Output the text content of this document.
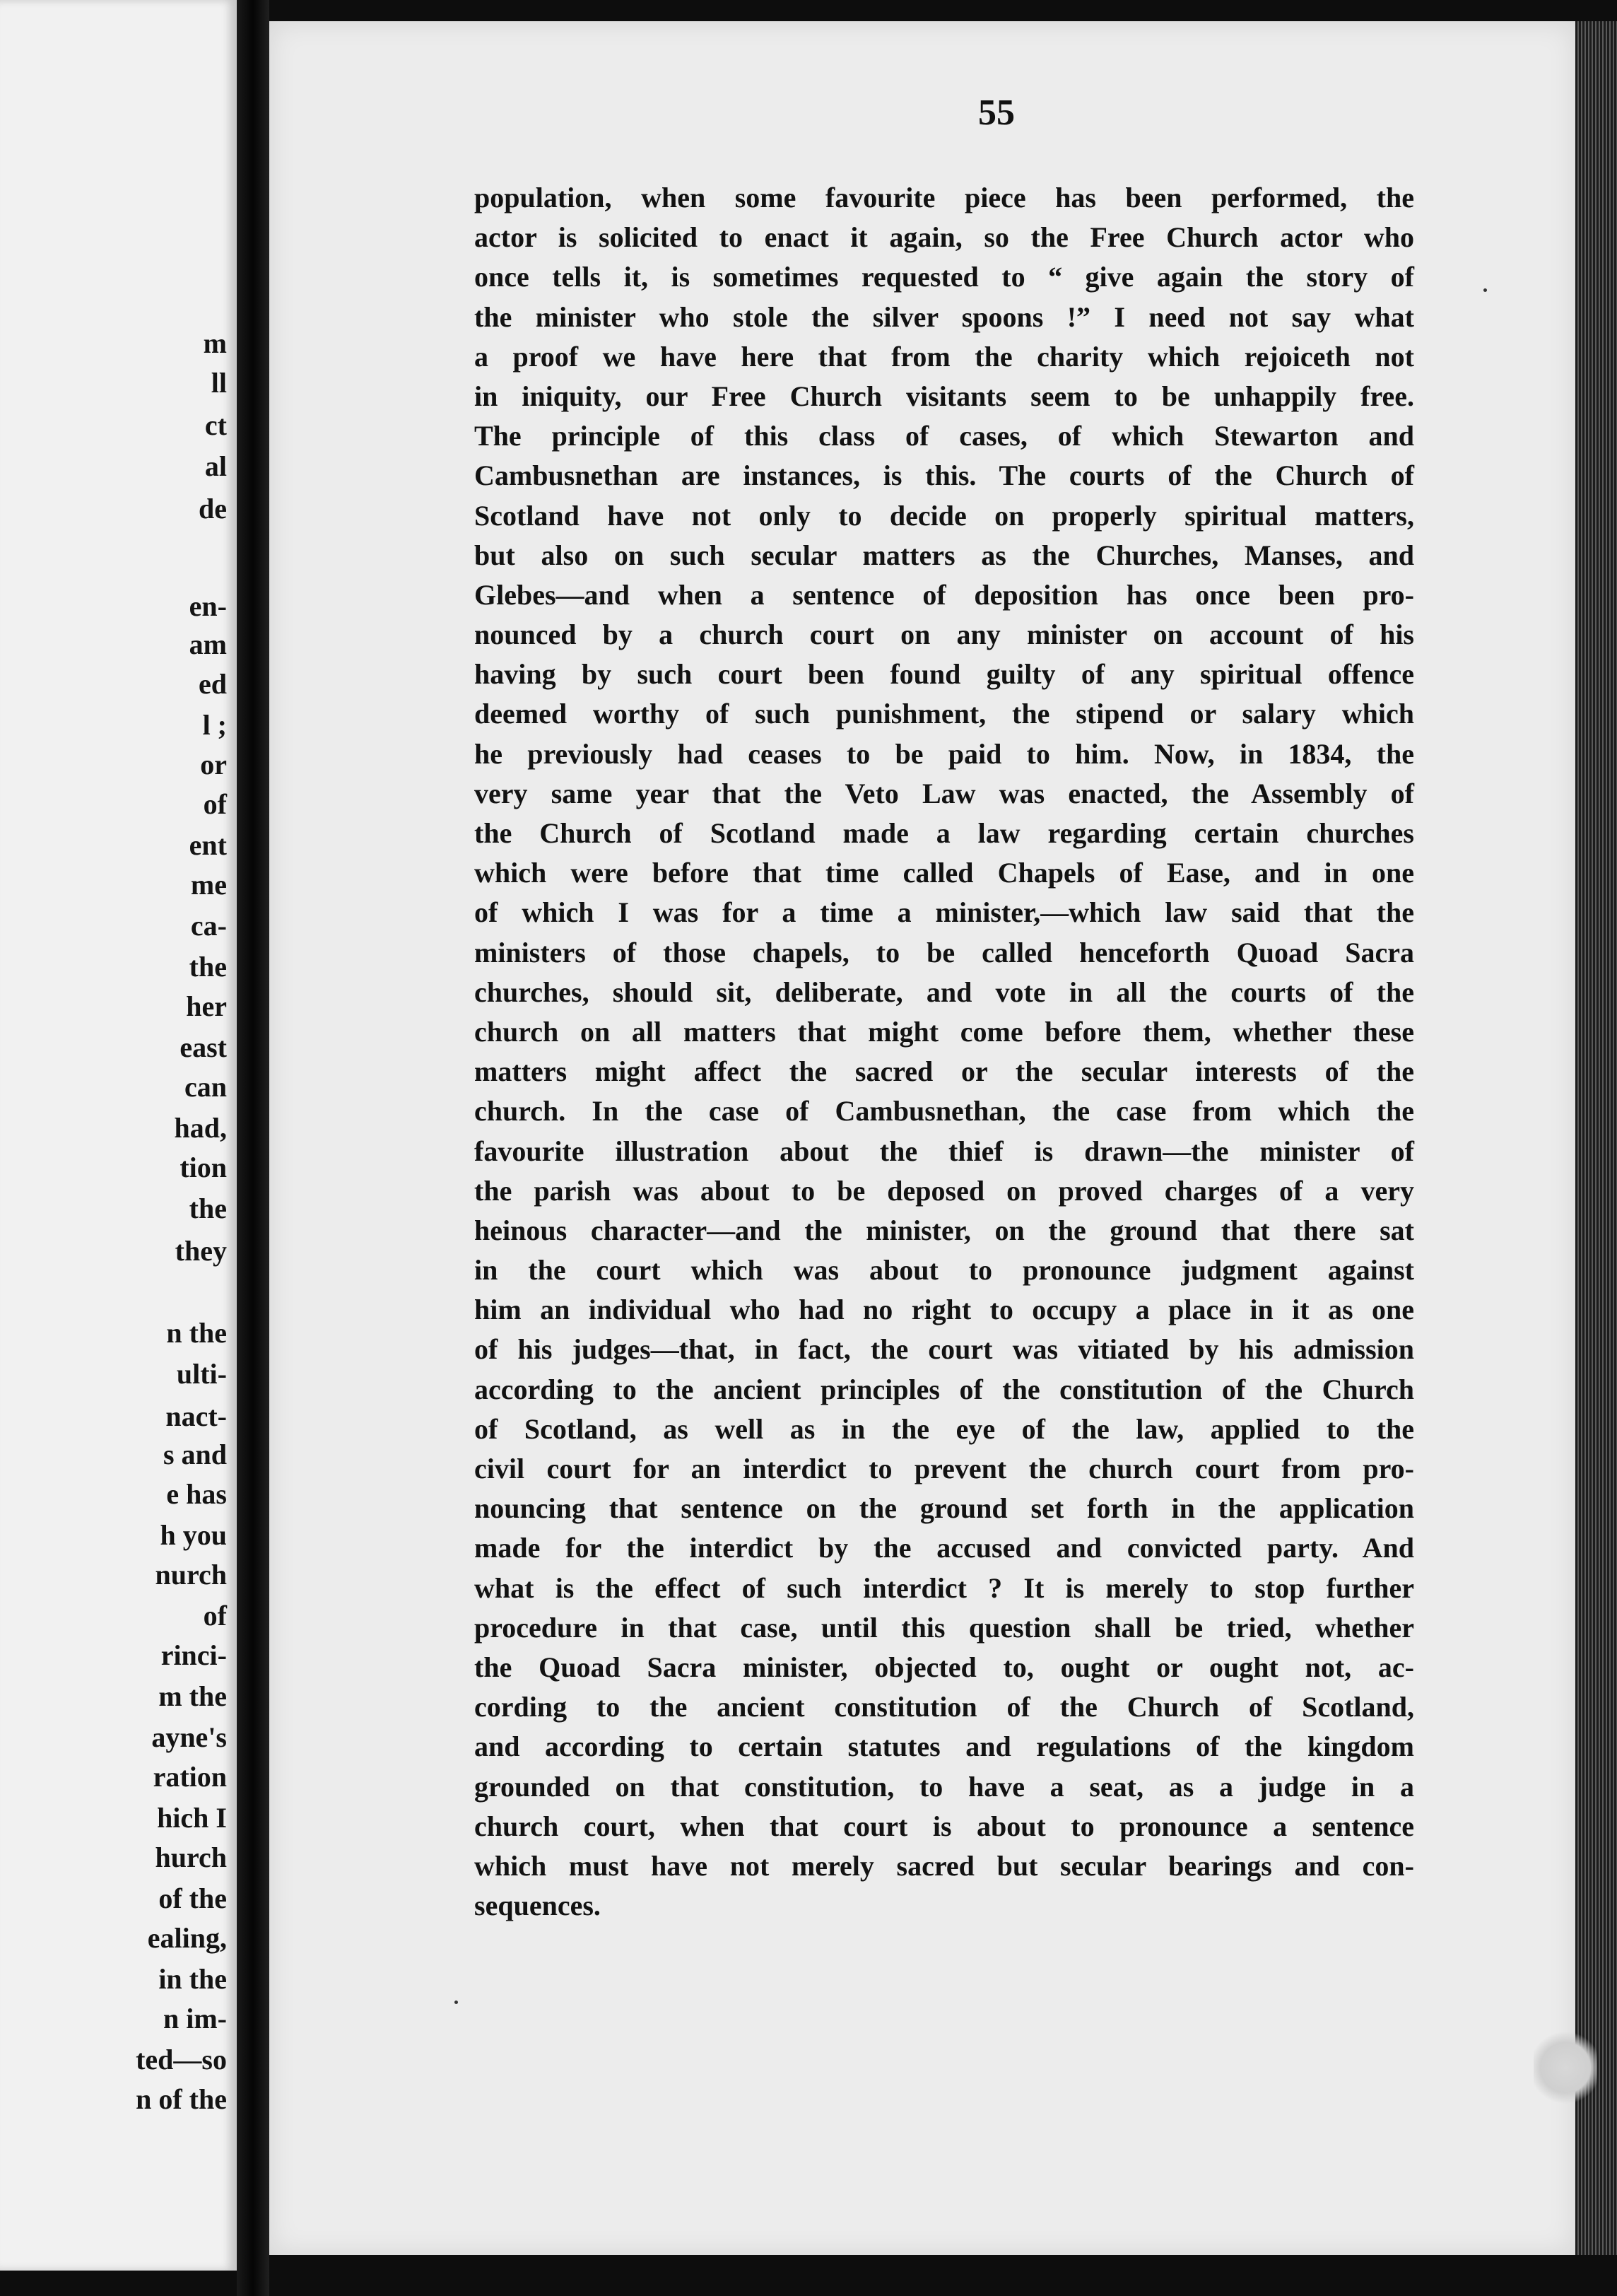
m
ll
ct
al
de
en-
am
ed
l ;
or
of
ent
me
ca-
the
her
east
can
had,
tion
the
they
n the
ulti-
nact-
s and
e has
h you
nurch
of
rinci-
m the
ayne's
ration
hich I
hurch
of the
ealing,
in the
n im-
ted—so
n of the
55
population, when some favourite piece has been performed, the
actor is solicited to enact it again, so the Free Church actor who
once tells it, is sometimes requested to “ give again the story of
the minister who stole the silver spoons !” I need not say what
a proof we have here that from the charity which rejoiceth not
in iniquity, our Free Church visitants seem to be unhappily free.
The principle of this class of cases, of which Stewarton and
Cambusnethan are instances, is this. The courts of the Church of
Scotland have not only to decide on properly spiritual matters,
but also on such secular matters as the Churches, Manses, and
Glebes—and when a sentence of deposition has once been pro-
nounced by a church court on any minister on account of his
having by such court been found guilty of any spiritual offence
deemed worthy of such punishment, the stipend or salary which
he previously had ceases to be paid to him. Now, in 1834, the
very same year that the Veto Law was enacted, the Assembly of
the Church of Scotland made a law regarding certain churches
which were before that time called Chapels of Ease, and in one
of which I was for a time a minister,—which law said that the
ministers of those chapels, to be called henceforth Quoad Sacra
churches, should sit, deliberate, and vote in all the courts of the
church on all matters that might come before them, whether these
matters might affect the sacred or the secular interests of the
church. In the case of Cambusnethan, the case from which the
favourite illustration about the thief is drawn—the minister of
the parish was about to be deposed on proved charges of a very
heinous character—and the minister, on the ground that there sat
in the court which was about to pronounce judgment against
him an individual who had no right to occupy a place in it as one
of his judges—that, in fact, the court was vitiated by his admission
according to the ancient principles of the constitution of the Church
of Scotland, as well as in the eye of the law, applied to the
civil court for an interdict to prevent the church court from pro-
nouncing that sentence on the ground set forth in the application
made for the interdict by the accused and convicted party. And
what is the effect of such interdict ? It is merely to stop further
procedure in that case, until this question shall be tried, whether
the Quoad Sacra minister, objected to, ought or ought not, ac-
cording to the ancient constitution of the Church of Scotland,
and according to certain statutes and regulations of the kingdom
grounded on that constitution, to have a seat, as a judge in a
church court, when that court is about to pronounce a sentence
which must have not merely sacred but secular bearings and con-
sequences.
